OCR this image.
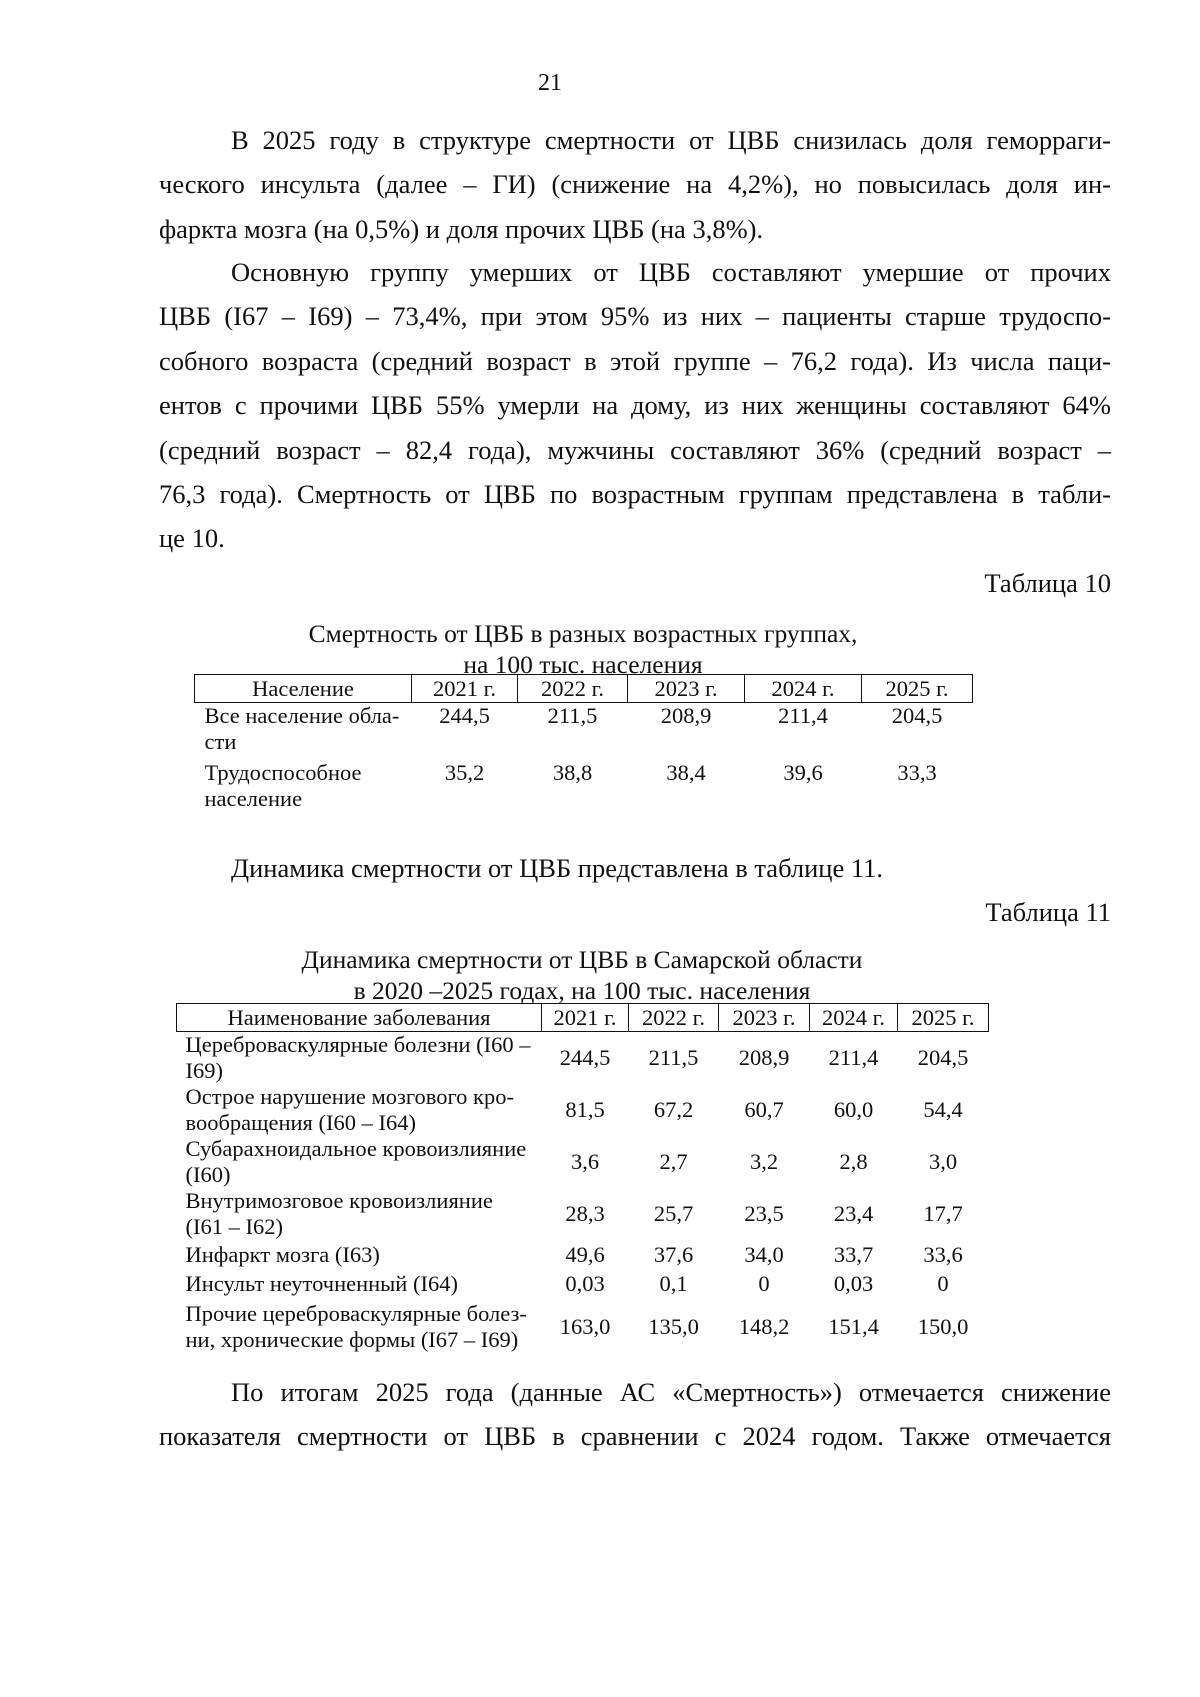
21

В 2025 году в структуре смертности от ЦВБ снизилась доля геморраги-
ческого инсульта (далее – ГИ) (снижение на 4,2%), но повысилась доля ин-
фаркта мозга (на 0,5%) и доля прочих ЦВБ (на 3,8%).

Основную группу умерших от ЦВБ составляют умершие от прочих
ЦВБ (I67 – I69) – 73,4%, при этом 95% из них – пациенты старше трудоспо-
собного возраста (средний возраст в этой группе – 76,2 года). Из числа паци-
ентов с прочими ЦВБ 55% умерли на дому, из них женщины составляют 64%
(средний возраст – 82,4 года), мужчины составляют 36% (средний возраст –
76,3 года). Смертность от ЦВБ по возрастным группам представлена в табли-
це 10.

Таблица 10
Смертность от ЦВБ в разных возрастных группах,
на 100 тыс. населения
Население	2021 г.	2022 г.	2023 г.	2024 г.	2025 г.

Все население обла-
сти	244,5	211,5	208,9	211,4	204,5

Трудоспособное
население	35,2	38,8	38,4	39,6	33,3

Динамика смертности от ЦВБ представлена в таблице 11.

Таблица 11
Динамика смертности от ЦВБ в Самарской области
в 2020 –2025 годах, на 100 тыс. населения
Наименование заболевания	2021 г.	2022 г.	2023 г.	2024 г.	2025 г.

Цереброваскулярные болезни (I60 –
I69)	244,5	211,5	208,9	211,4	204,5

Острое нарушение мозгового кро-
вообращения (I60 – I64)	81,5	67,2	60,7	60,0	54,4

Субарахноидальное кровоизлияние
(I60)	3,6	2,7	3,2	2,8	3,0

Внутримозговое кровоизлияние
(I61 – I62)	28,3	25,7	23,5	23,4	17,7
Инфаркт мозга (I63)	49,6	37,6	34,0	33,7	33,6
Инсульт неуточненный (I64)	0,03	0,1	0	0,03	0

Прочие цереброваскулярные болез-
ни, хронические формы (I67 – I69)	163,0	135,0	148,2	151,4	150,0

По итогам 2025 года (данные АС «Смертность») отмечается снижение
показателя смертности от ЦВБ в сравнении с 2024 годом. Также отмечается
